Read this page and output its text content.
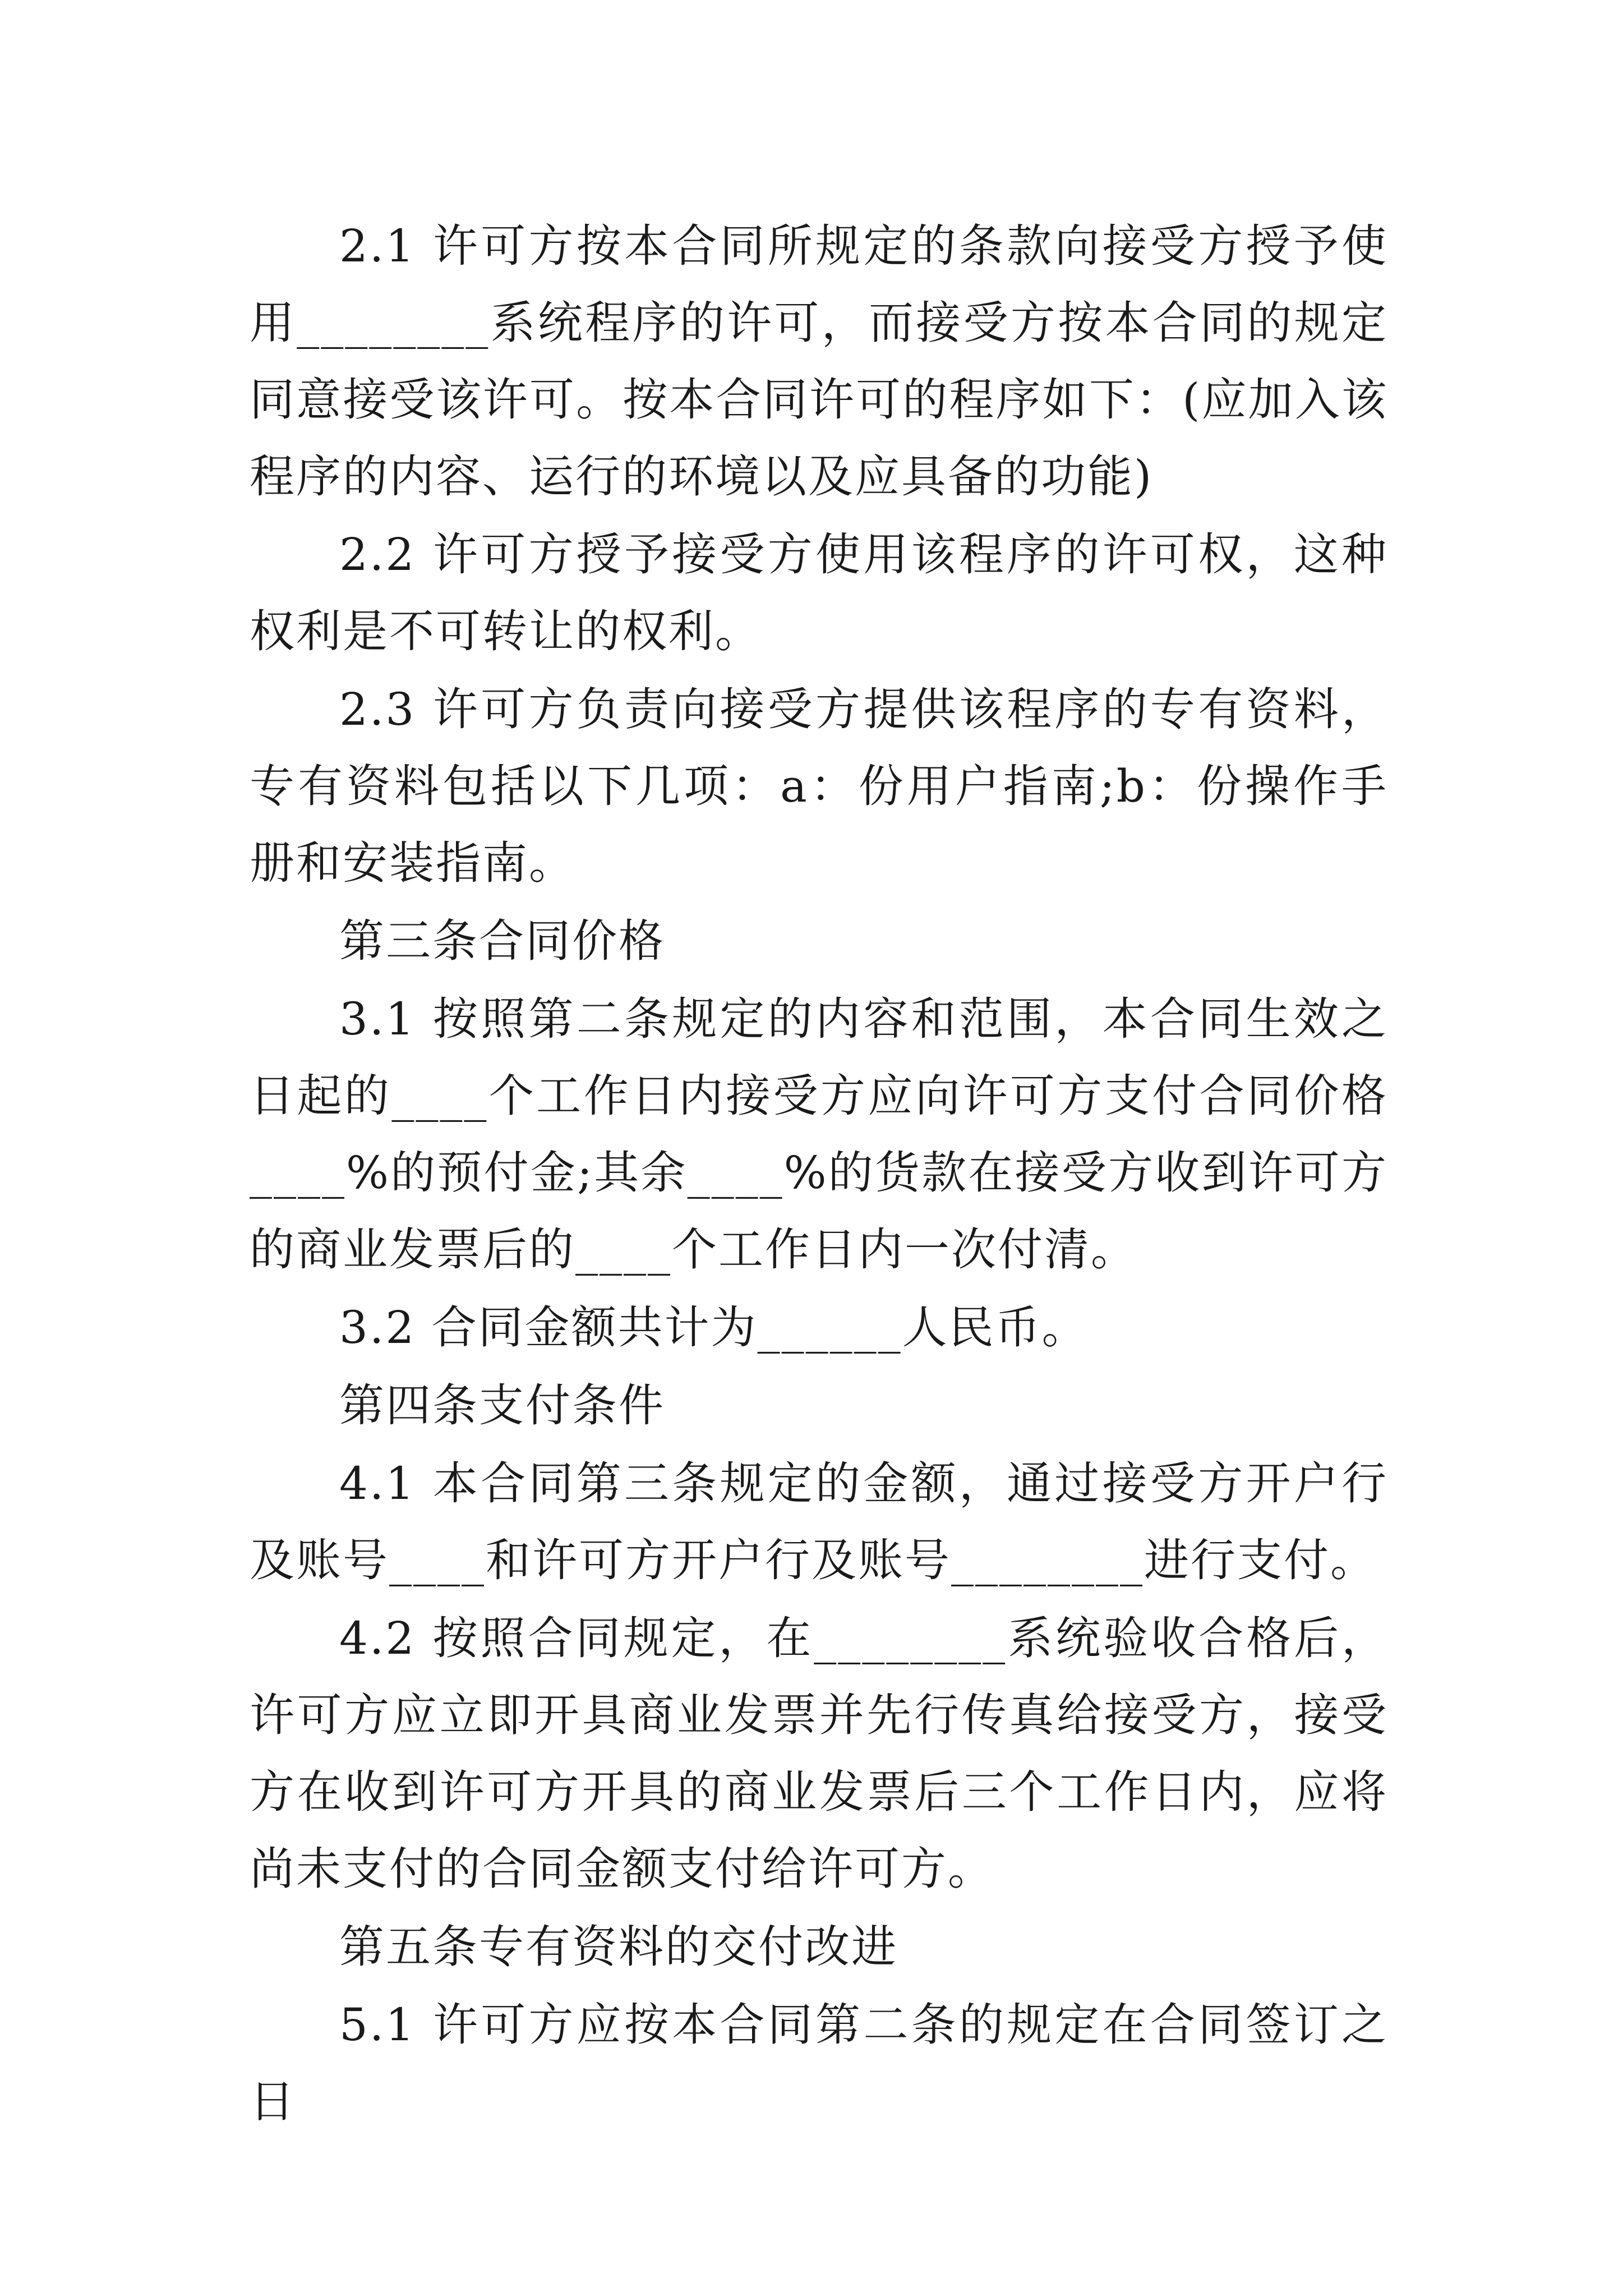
2.1 许可方按本合同所规定的条款向接受方授予使用________系统程序的许可，而接受方按本合同的规定同意接受该许可。按本合同许可的程序如下：(应加入该程序的内容、运行的环境以及应具备的功能)

2.2 许可方授予接受方使用该程序的许可权，这种权利是不可转让的权利。

2.3 许可方负责向接受方提供该程序的专有资料，专有资料包括以下几项：a：份用户指南;b：份操作手册和安装指南。

第三条合同价格

3.1 按照第二条规定的内容和范围，本合同生效之日起的____个工作日内接受方应向许可方支付合同价格____%的预付金;其余____%的货款在接受方收到许可方的商业发票后的____个工作日内一次付清。

3.2 合同金额共计为______人民币。

第四条支付条件

4.1 本合同第三条规定的金额，通过接受方开户行及账号____和许可方开户行及账号________进行支付。

4.2 按照合同规定，在________系统验收合格后，许可方应立即开具商业发票并先行传真给接受方，接受方在收到许可方开具的商业发票后三个工作日内，应将尚未支付的合同金额支付给许可方。

第五条专有资料的交付改进

5.1 许可方应按本合同第二条的规定在合同签订之日
